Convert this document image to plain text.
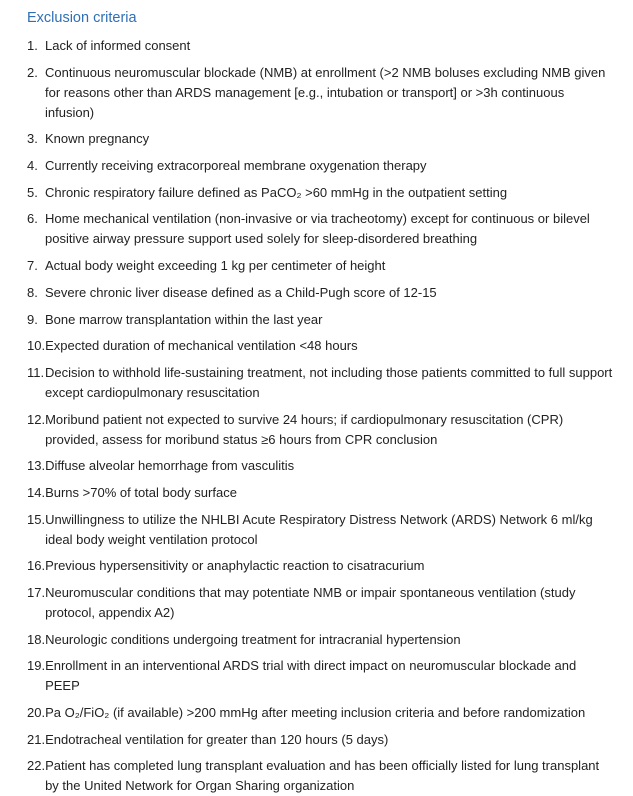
Exclusion criteria
1. Lack of informed consent
2. Continuous neuromuscular blockade (NMB) at enrollment (>2 NMB boluses excluding NMB given for reasons other than ARDS management [e.g., intubation or transport] or >3h continuous infusion)
3. Known pregnancy
4. Currently receiving extracorporeal membrane oxygenation therapy
5. Chronic respiratory failure defined as PaCO₂ >60 mmHg in the outpatient setting
6. Home mechanical ventilation (non-invasive or via tracheotomy) except for continuous or bilevel positive airway pressure support used solely for sleep-disordered breathing
7. Actual body weight exceeding 1 kg per centimeter of height
8. Severe chronic liver disease defined as a Child-Pugh score of 12-15
9. Bone marrow transplantation within the last year
10. Expected duration of mechanical ventilation <48 hours
11. Decision to withhold life-sustaining treatment, not including those patients committed to full support except cardiopulmonary resuscitation
12. Moribund patient not expected to survive 24 hours; if cardiopulmonary resuscitation (CPR) provided, assess for moribund status ≥6 hours from CPR conclusion
13. Diffuse alveolar hemorrhage from vasculitis
14. Burns >70% of total body surface
15. Unwillingness to utilize the NHLBI Acute Respiratory Distress Network (ARDS) Network 6 ml/kg ideal body weight ventilation protocol
16. Previous hypersensitivity or anaphylactic reaction to cisatracurium
17. Neuromuscular conditions that may potentiate NMB or impair spontaneous ventilation (study protocol, appendix A2)
18. Neurologic conditions undergoing treatment for intracranial hypertension
19. Enrollment in an interventional ARDS trial with direct impact on neuromuscular blockade and PEEP
20. Pa O₂/FiO₂ (if available) >200 mmHg after meeting inclusion criteria and before randomization
21. Endotracheal ventilation for greater than 120 hours (5 days)
22. Patient has completed lung transplant evaluation and has been officially listed for lung transplant by the United Network for Organ Sharing organization
